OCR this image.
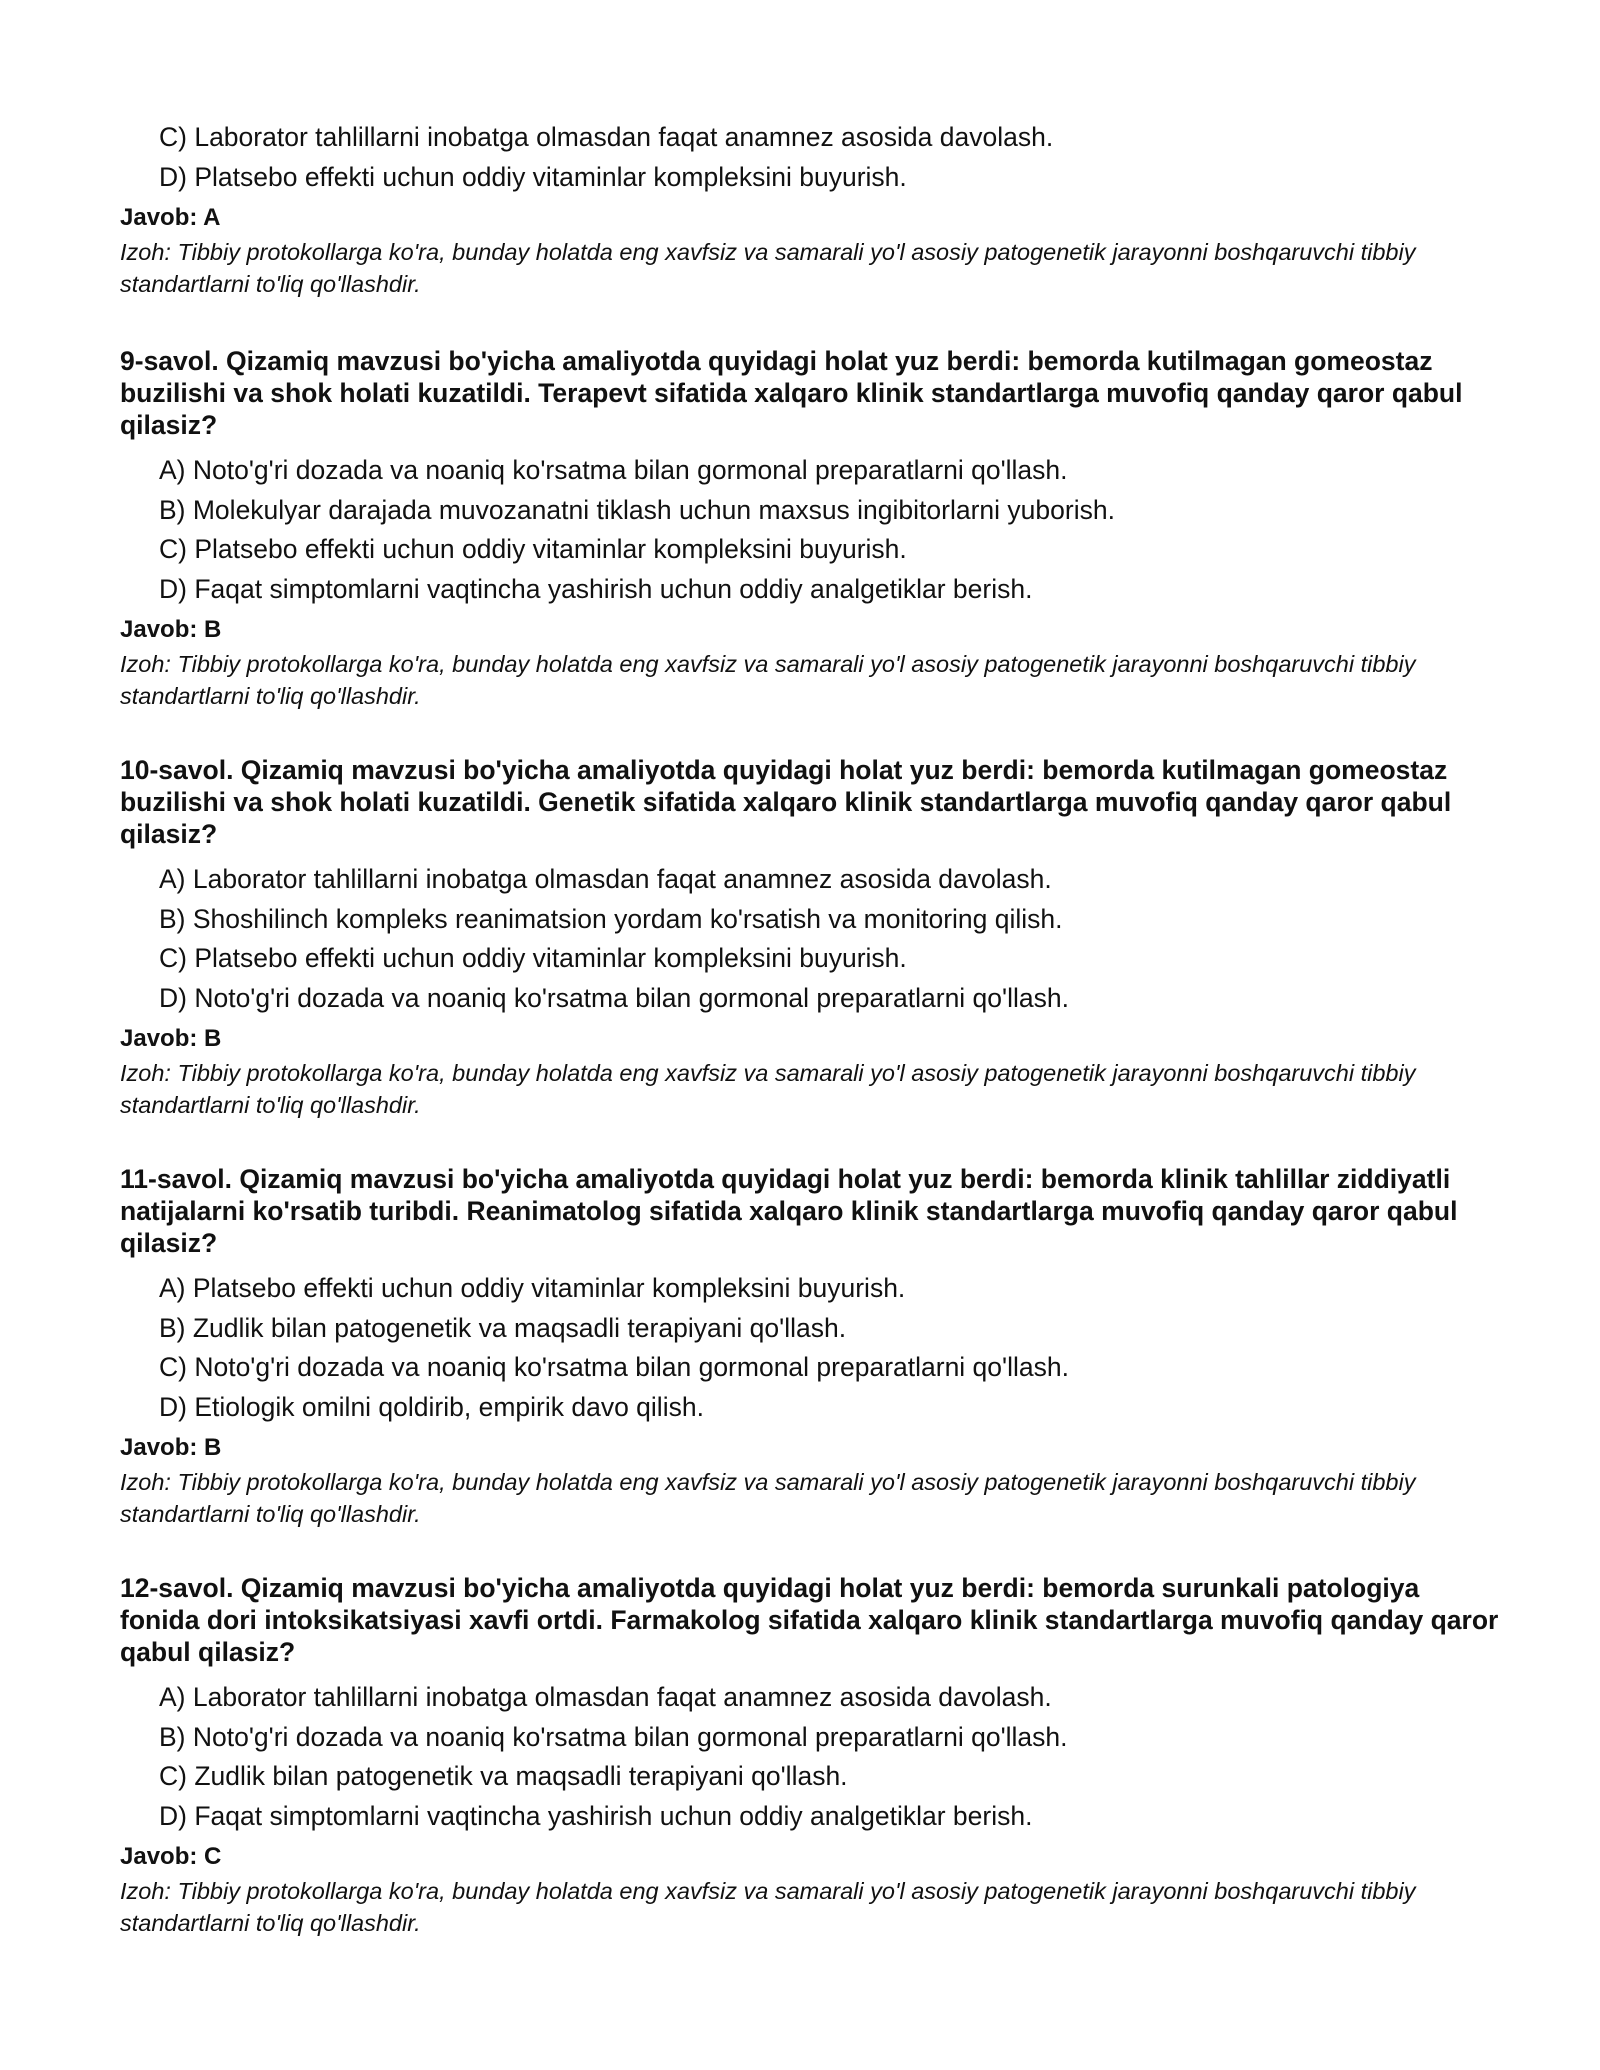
C) Laborator tahlillarni inobatga olmasdan faqat anamnez asosida davolash.
D) Platsebo effekti uchun oddiy vitaminlar kompleksini buyurish.

Javob: A

Izoh: Tibbiy protokollarga ko'ra, bunday holatda eng xavfsiz va samarali yo'l asosiy patogenetik jarayonni boshqaruvchi tibbiy standartlarni to'liq qo'llashdir.

9-savol. Qizamiq mavzusi bo'yicha amaliyotda quyidagi holat yuz berdi: bemorda kutilmagan gomeostaz buzilishi va shok holati kuzatildi. Terapevt sifatida xalqaro klinik standartlarga muvofiq qanday qaror qabul qilasiz?

A) Noto'g'ri dozada va noaniq ko'rsatma bilan gormonal preparatlarni qo'llash.
B) Molekulyar darajada muvozanatni tiklash uchun maxsus ingibitorlarni yuborish.
C) Platsebo effekti uchun oddiy vitaminlar kompleksini buyurish.
D) Faqat simptomlarni vaqtincha yashirish uchun oddiy analgetiklar berish.

Javob: B

Izoh: Tibbiy protokollarga ko'ra, bunday holatda eng xavfsiz va samarali yo'l asosiy patogenetik jarayonni boshqaruvchi tibbiy standartlarni to'liq qo'llashdir.

10-savol. Qizamiq mavzusi bo'yicha amaliyotda quyidagi holat yuz berdi: bemorda kutilmagan gomeostaz buzilishi va shok holati kuzatildi. Genetik sifatida xalqaro klinik standartlarga muvofiq qanday qaror qabul qilasiz?

A) Laborator tahlillarni inobatga olmasdan faqat anamnez asosida davolash.
B) Shoshilinch kompleks reanimatsion yordam ko'rsatish va monitoring qilish.
C) Platsebo effekti uchun oddiy vitaminlar kompleksini buyurish.
D) Noto'g'ri dozada va noaniq ko'rsatma bilan gormonal preparatlarni qo'llash.

Javob: B

Izoh: Tibbiy protokollarga ko'ra, bunday holatda eng xavfsiz va samarali yo'l asosiy patogenetik jarayonni boshqaruvchi tibbiy standartlarni to'liq qo'llashdir.

11-savol. Qizamiq mavzusi bo'yicha amaliyotda quyidagi holat yuz berdi: bemorda klinik tahlillar ziddiyatli natijalarni ko'rsatib turibdi. Reanimatolog sifatida xalqaro klinik standartlarga muvofiq qanday qaror qabul qilasiz?

A) Platsebo effekti uchun oddiy vitaminlar kompleksini buyurish.
B) Zudlik bilan patogenetik va maqsadli terapiyani qo'llash.
C) Noto'g'ri dozada va noaniq ko'rsatma bilan gormonal preparatlarni qo'llash.
D) Etiologik omilni qoldirib, empirik davo qilish.

Javob: B

Izoh: Tibbiy protokollarga ko'ra, bunday holatda eng xavfsiz va samarali yo'l asosiy patogenetik jarayonni boshqaruvchi tibbiy standartlarni to'liq qo'llashdir.

12-savol. Qizamiq mavzusi bo'yicha amaliyotda quyidagi holat yuz berdi: bemorda surunkali patologiya fonida dori intoksikatsiyasi xavfi ortdi. Farmakolog sifatida xalqaro klinik standartlarga muvofiq qanday qaror qabul qilasiz?

A) Laborator tahlillarni inobatga olmasdan faqat anamnez asosida davolash.
B) Noto'g'ri dozada va noaniq ko'rsatma bilan gormonal preparatlarni qo'llash.
C) Zudlik bilan patogenetik va maqsadli terapiyani qo'llash.
D) Faqat simptomlarni vaqtincha yashirish uchun oddiy analgetiklar berish.

Javob: C

Izoh: Tibbiy protokollarga ko'ra, bunday holatda eng xavfsiz va samarali yo'l asosiy patogenetik jarayonni boshqaruvchi tibbiy standartlarni to'liq qo'llashdir.
